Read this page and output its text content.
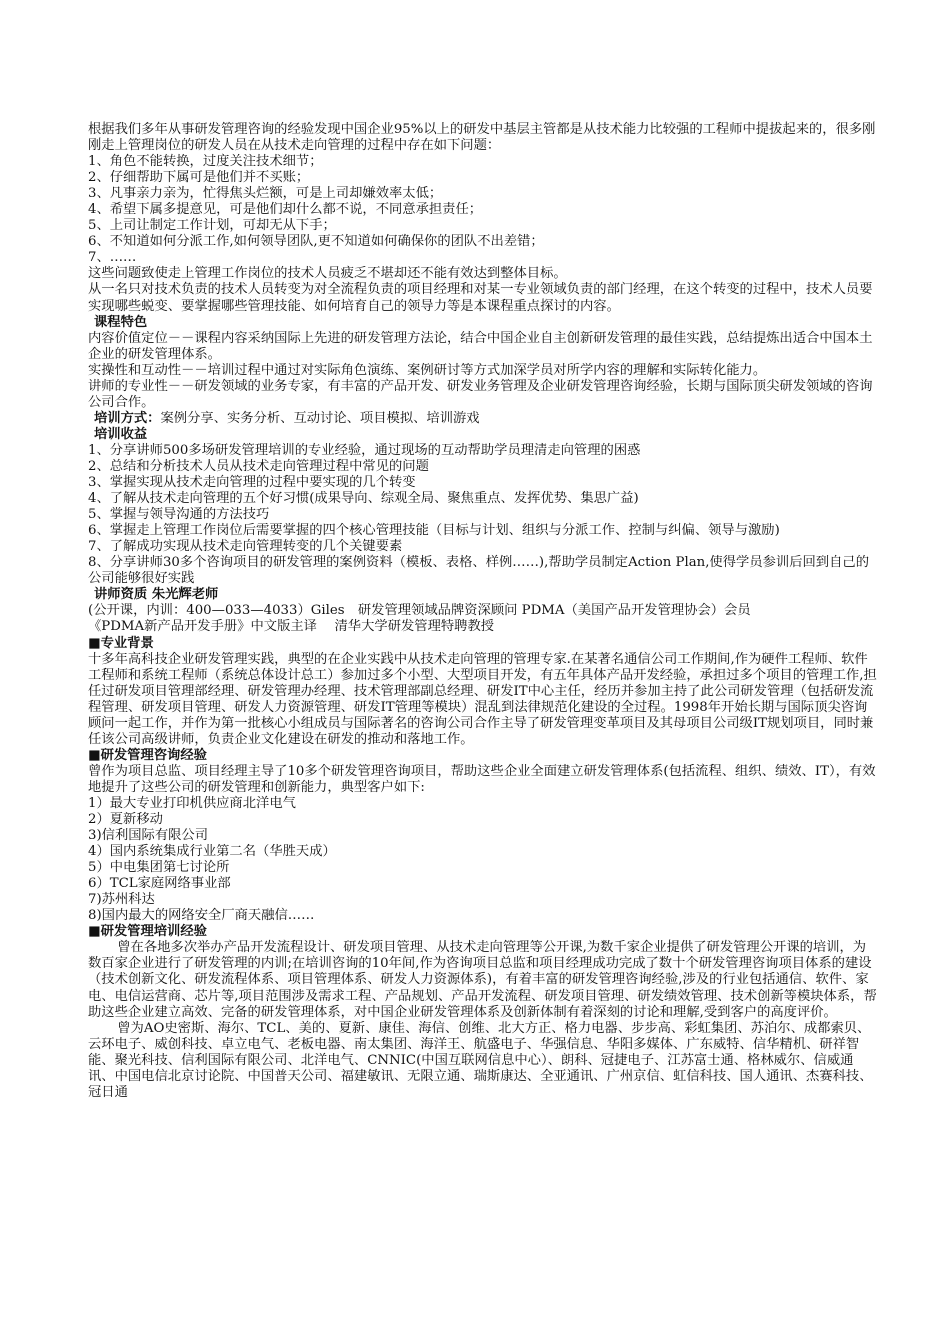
根据我们多年从事研发管理咨询的经验发现中国企业95%以上的研发中基层主管都是从技术能力比较强的工程师中提拔起来的，很多刚刚走上管理岗位的研发人员在从技术走向管理的过程中存在如下问题：

1、角色不能转换，过度关注技术细节；

2、仔细帮助下属可是他们并不买账；

3、凡事亲力亲为，忙得焦头烂额，可是上司却嫌效率太低；

4、希望下属多提意见，可是他们却什么都不说，不同意承担责任；

5、上司让制定工作计划，可却无从下手；

6、不知道如何分派工作,如何领导团队,更不知道如何确保你的团队不出差错；

7、……

这些问题致使走上管理工作岗位的技术人员疲乏不堪却还不能有效达到整体目标。

从一名只对技术负责的技术人员转变为对全流程负责的项目经理和对某一专业领域负责的部门经理，在这个转变的过程中，技术人员要实现哪些蜕变、要掌握哪些管理技能、如何培育自己的领导力等是本课程重点探讨的内容。

课程特色

内容价值定位－－课程内容采纳国际上先进的研发管理方法论，结合中国企业自主创新研发管理的最佳实践，总结提炼出适合中国本土企业的研发管理体系。

实操性和互动性－－培训过程中通过对实际角色演练、案例研讨等方式加深学员对所学内容的理解和实际转化能力。

讲师的专业性－－研发领域的业务专家，有丰富的产品开发、研发业务管理及企业研发管理咨询经验，长期与国际顶尖研发领域的咨询公司合作。

培训方式：案例分享、实务分析、互动讨论、项目模拟、培训游戏

培训收益

1、分享讲师500多场研发管理培训的专业经验，通过现场的互动帮助学员理清走向管理的困惑

2、总结和分析技术人员从技术走向管理过程中常见的问题

3、掌握实现从技术走向管理的过程中要实现的几个转变

4、了解从技术走向管理的五个好习惯(成果导向、综观全局、聚焦重点、发挥优势、集思广益)

5、掌握与领导沟通的方法技巧

6、掌握走上管理工作岗位后需要掌握的四个核心管理技能（目标与计划、组织与分派工作、控制与纠偏、领导与激励)

7、了解成功实现从技术走向管理转变的几个关键要素

8、分享讲师30多个咨询项目的研发管理的案例资料（模板、表格、样例……),帮助学员制定Action Plan,使得学员参训后回到自己的公司能够很好实践

讲师资质 朱光辉老师

(公开课，内训：400—033—4033）Giles　研发管理领域品牌资深顾问 PDMA（美国产品开发管理协会）会员

《PDMA新产品开发手册》中文版主译　 清华大学研发管理特聘教授

■专业背景

十多年高科技企业研发管理实践，典型的在企业实践中从技术走向管理的管理专家.在某著名通信公司工作期间,作为硬件工程师、软件工程师和系统工程师（系统总体设计总工）参加过多个小型、大型项目开发，有五年具体产品开发经验，承担过多个项目的管理工作,担任过研发项目管理部经理、研发管理办经理、技术管理部副总经理、研发IT中心主任，经历并参加主持了此公司研发管理（包括研发流程管理、研发项目管理、研发人力资源管理、研发IT管理等模块）混乱到法律规范化建设的全过程。1998年开始长期与国际顶尖咨询顾问一起工作，并作为第一批核心小组成员与国际著名的咨询公司合作主导了研发管理变革项目及其母项目公司级IT规划项目，同时兼任该公司高级讲师，负责企业文化建设在研发的推动和落地工作。

■研发管理咨询经验

曾作为项目总监、项目经理主导了10多个研发管理咨询项目，帮助这些企业全面建立研发管理体系(包括流程、组织、绩效、IT），有效地提升了这些公司的研发管理和创新能力，典型客户如下:

1）最大专业打印机供应商北洋电气

2）夏新移动

3)信利国际有限公司

4）国内系统集成行业第二名（华胜天成）

5）中电集团第七讨论所

6）TCL家庭网络事业部

7)苏州科达

8)国内最大的网络安全厂商天融信……

■研发管理培训经验

曾在各地多次举办产品开发流程设计、研发项目管理、从技术走向管理等公开课,为数千家企业提供了研发管理公开课的培训，为数百家企业进行了研发管理的内训;在培训咨询的10年间,作为咨询项目总监和项目经理成功完成了数十个研发管理咨询项目体系的建设（技术创新文化、研发流程体系、项目管理体系、研发人力资源体系)，有着丰富的研发管理咨询经验,涉及的行业包括通信、软件、家电、电信运营商、芯片等,项目范围涉及需求工程、产品规划、产品开发流程、研发项目管理、研发绩效管理、技术创新等模块体系，帮助这些企业建立高效、完备的研发管理体系，对中国企业研发管理体系及创新体制有着深刻的讨论和理解,受到客户的高度评价。

曾为AO史密斯、海尔、TCL、美的、夏新、康佳、海信、创维、北大方正、格力电器、步步高、彩虹集团、苏泊尔、成都索贝、云环电子、威创科技、卓立电气、老板电器、南太集团、海洋王、航盛电子、华强信息、华阳多媒体、广东威特、信华精机、研祥智能、聚光科技、信利国际有限公司、北洋电气、CNNIC(中国互联网信息中心）、朗科、冠捷电子、江苏富士通、格林威尔、信威通讯、中国电信北京讨论院、中国普天公司、福建敏讯、无限立通、瑞斯康达、全亚通讯、广州京信、虹信科技、国人通讯、杰赛科技、冠日通
